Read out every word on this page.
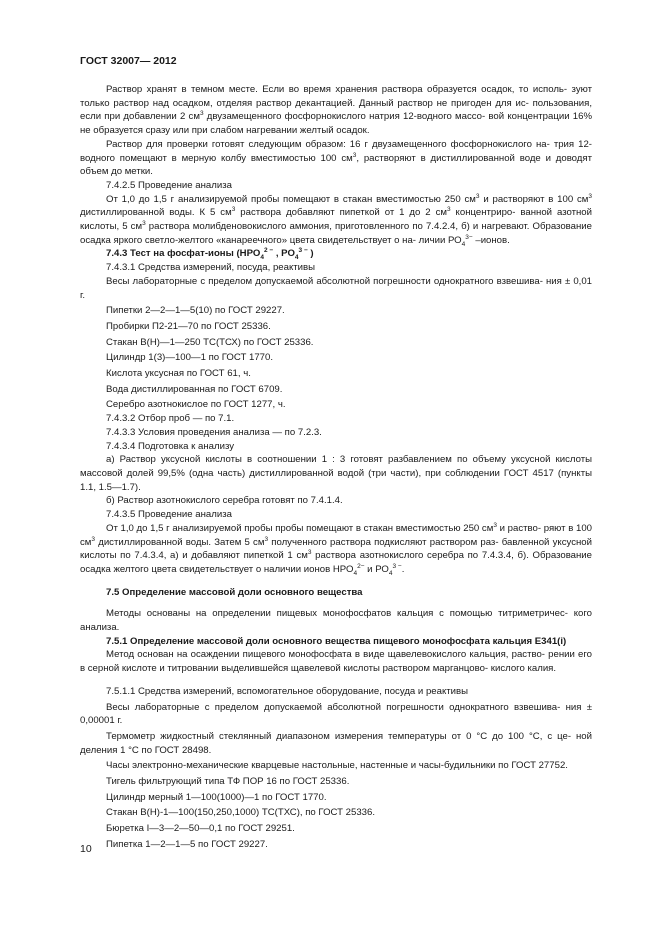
ГОСТ 32007— 2012

Раствор хранят в темном месте. Если во время хранения раствора образуется осадок, то исполь- зуют только раствор над осадком, отделяя раствор декантацией. Данный раствор не пригоден для ис- пользования, если при добавлении 2 $см^3$ двузамещенного фосфорнокислого натрия 12-водного массо- вой концентрации 16% не образуется сразу или при слабом нагревании желтый осадок.

Раствор для проверки готовят следующим образом: 16 г двузамещенного фосфорнокислого на- трия 12-водного помещают в мерную колбу вместимостью 100 $см^3$, растворяют в дистиллированной воде и доводят объем до метки.

7.4.2.5 Проведение анализа

От 1,0 до 1,5 г анализируемой пробы помещают в стакан вместимостью 250 $см^3$ и растворяют в 100 $см^3$ дистиллированной воды. К 5 $см^3$ раствора добавляют пипеткой от 1 до 2 $см^3$ концентриро- ванной азотной кислоты, 5 $см^3$ раствора молибденовокислого аммония, приготовленного по 7.4.2.4, б) и нагревают. Образование осадка яркого светло-желтого «канареечного» цвета свидетельствует о на- личии $РО_4^{3-}$ –ионов.

7.4.3 Тест на фосфат-ионы ($НРО_4^{2 -}$ , $РО_4^{3 -}$ )

7.4.3.1 Средства измерений, посуда, реактивы

Весы лабораторные с пределом допускаемой абсолютной погрешности однократного взвешива- ния ± 0,01 г.

Пипетки 2—2—1—5(10) по ГОСТ 29227.

Пробирки П2-21—70 по ГОСТ 25336.

Стакан В(Н)—1—250 ТС(ТСХ) по ГОСТ 25336.

Цилиндр 1(3)—100—1 по ГОСТ 1770.

Кислота уксусная по ГОСТ 61, ч.

Вода дистиллированная по ГОСТ 6709.

Серебро азотнокислое по ГОСТ 1277, ч.

7.4.3.2 Отбор проб — по 7.1.

7.4.3.3 Условия проведения анализа — по 7.2.3.

7.4.3.4 Подготовка к анализу

а) Раствор уксусной кислоты в соотношении 1 : 3 готовят разбавлением по объему уксусной кислоты массовой долей 99,5% (одна часть) дистиллированной водой (три части), при соблюдении ГОСТ 4517 (пункты 1.1, 1.5—1.7).

б) Раствор азотнокислого серебра готовят по 7.4.1.4.

7.4.3.5 Проведение анализа

От 1,0 до 1,5 г анализируемой пробы пробы помещают в стакан вместимостью 250 $см^3$ и раство- ряют в 100 $см^3$ дистиллированной воды. Затем 5 $см^3$ полученного раствора подкисляют раствором раз- бавленной уксусной кислоты по 7.4.3.4, а) и добавляют пипеткой 1 $см^3$ раствора азотнокислого серебра по 7.4.3.4, б). Образование осадка желтого цвета свидетельствует о наличии ионов $НРО_4^{2-}$ и $РО_4^{3 -}$.

7.5 Определение массовой доли основного вещества

Методы основаны на определении пищевых монофосфатов кальция с помощью титриметричес- кого анализа.

7.5.1 Определение массовой доли основного вещества пищевого монофосфата кальция Е341(i)

Метод основан на осаждении пищевого монофосфата в виде щавелевокислого кальция, раство- рении его в серной кислоте и титровании выделившейся щавелевой кислоты раствором марганцово- кислого калия.

7.5.1.1 Средства измерений, вспомогательное оборудование, посуда и реактивы

Весы лабораторные с пределом допускаемой абсолютной погрешности однократного взвешива- ния ± 0,00001 г.

Термометр жидкостный стеклянный диапазоном измерения температуры от 0 °С до 100 °С, с це- ной деления 1 °С по ГОСТ 28498.

Часы электронно-механические кварцевые настольные, настенные и часы-будильники по ГОСТ 27752.

Тигель фильтрующий типа ТФ ПОР 16 по ГОСТ 25336.

Цилиндр мерный 1—100(1000)—1 по ГОСТ 1770.

Стакан В(Н)-1—100(150,250,1000) ТС(ТХС), по ГОСТ 25336.

Бюретка I—3—2—50—0,1 по ГОСТ 29251.

Пипетка 1—2—1—5 по ГОСТ 29227.

10
